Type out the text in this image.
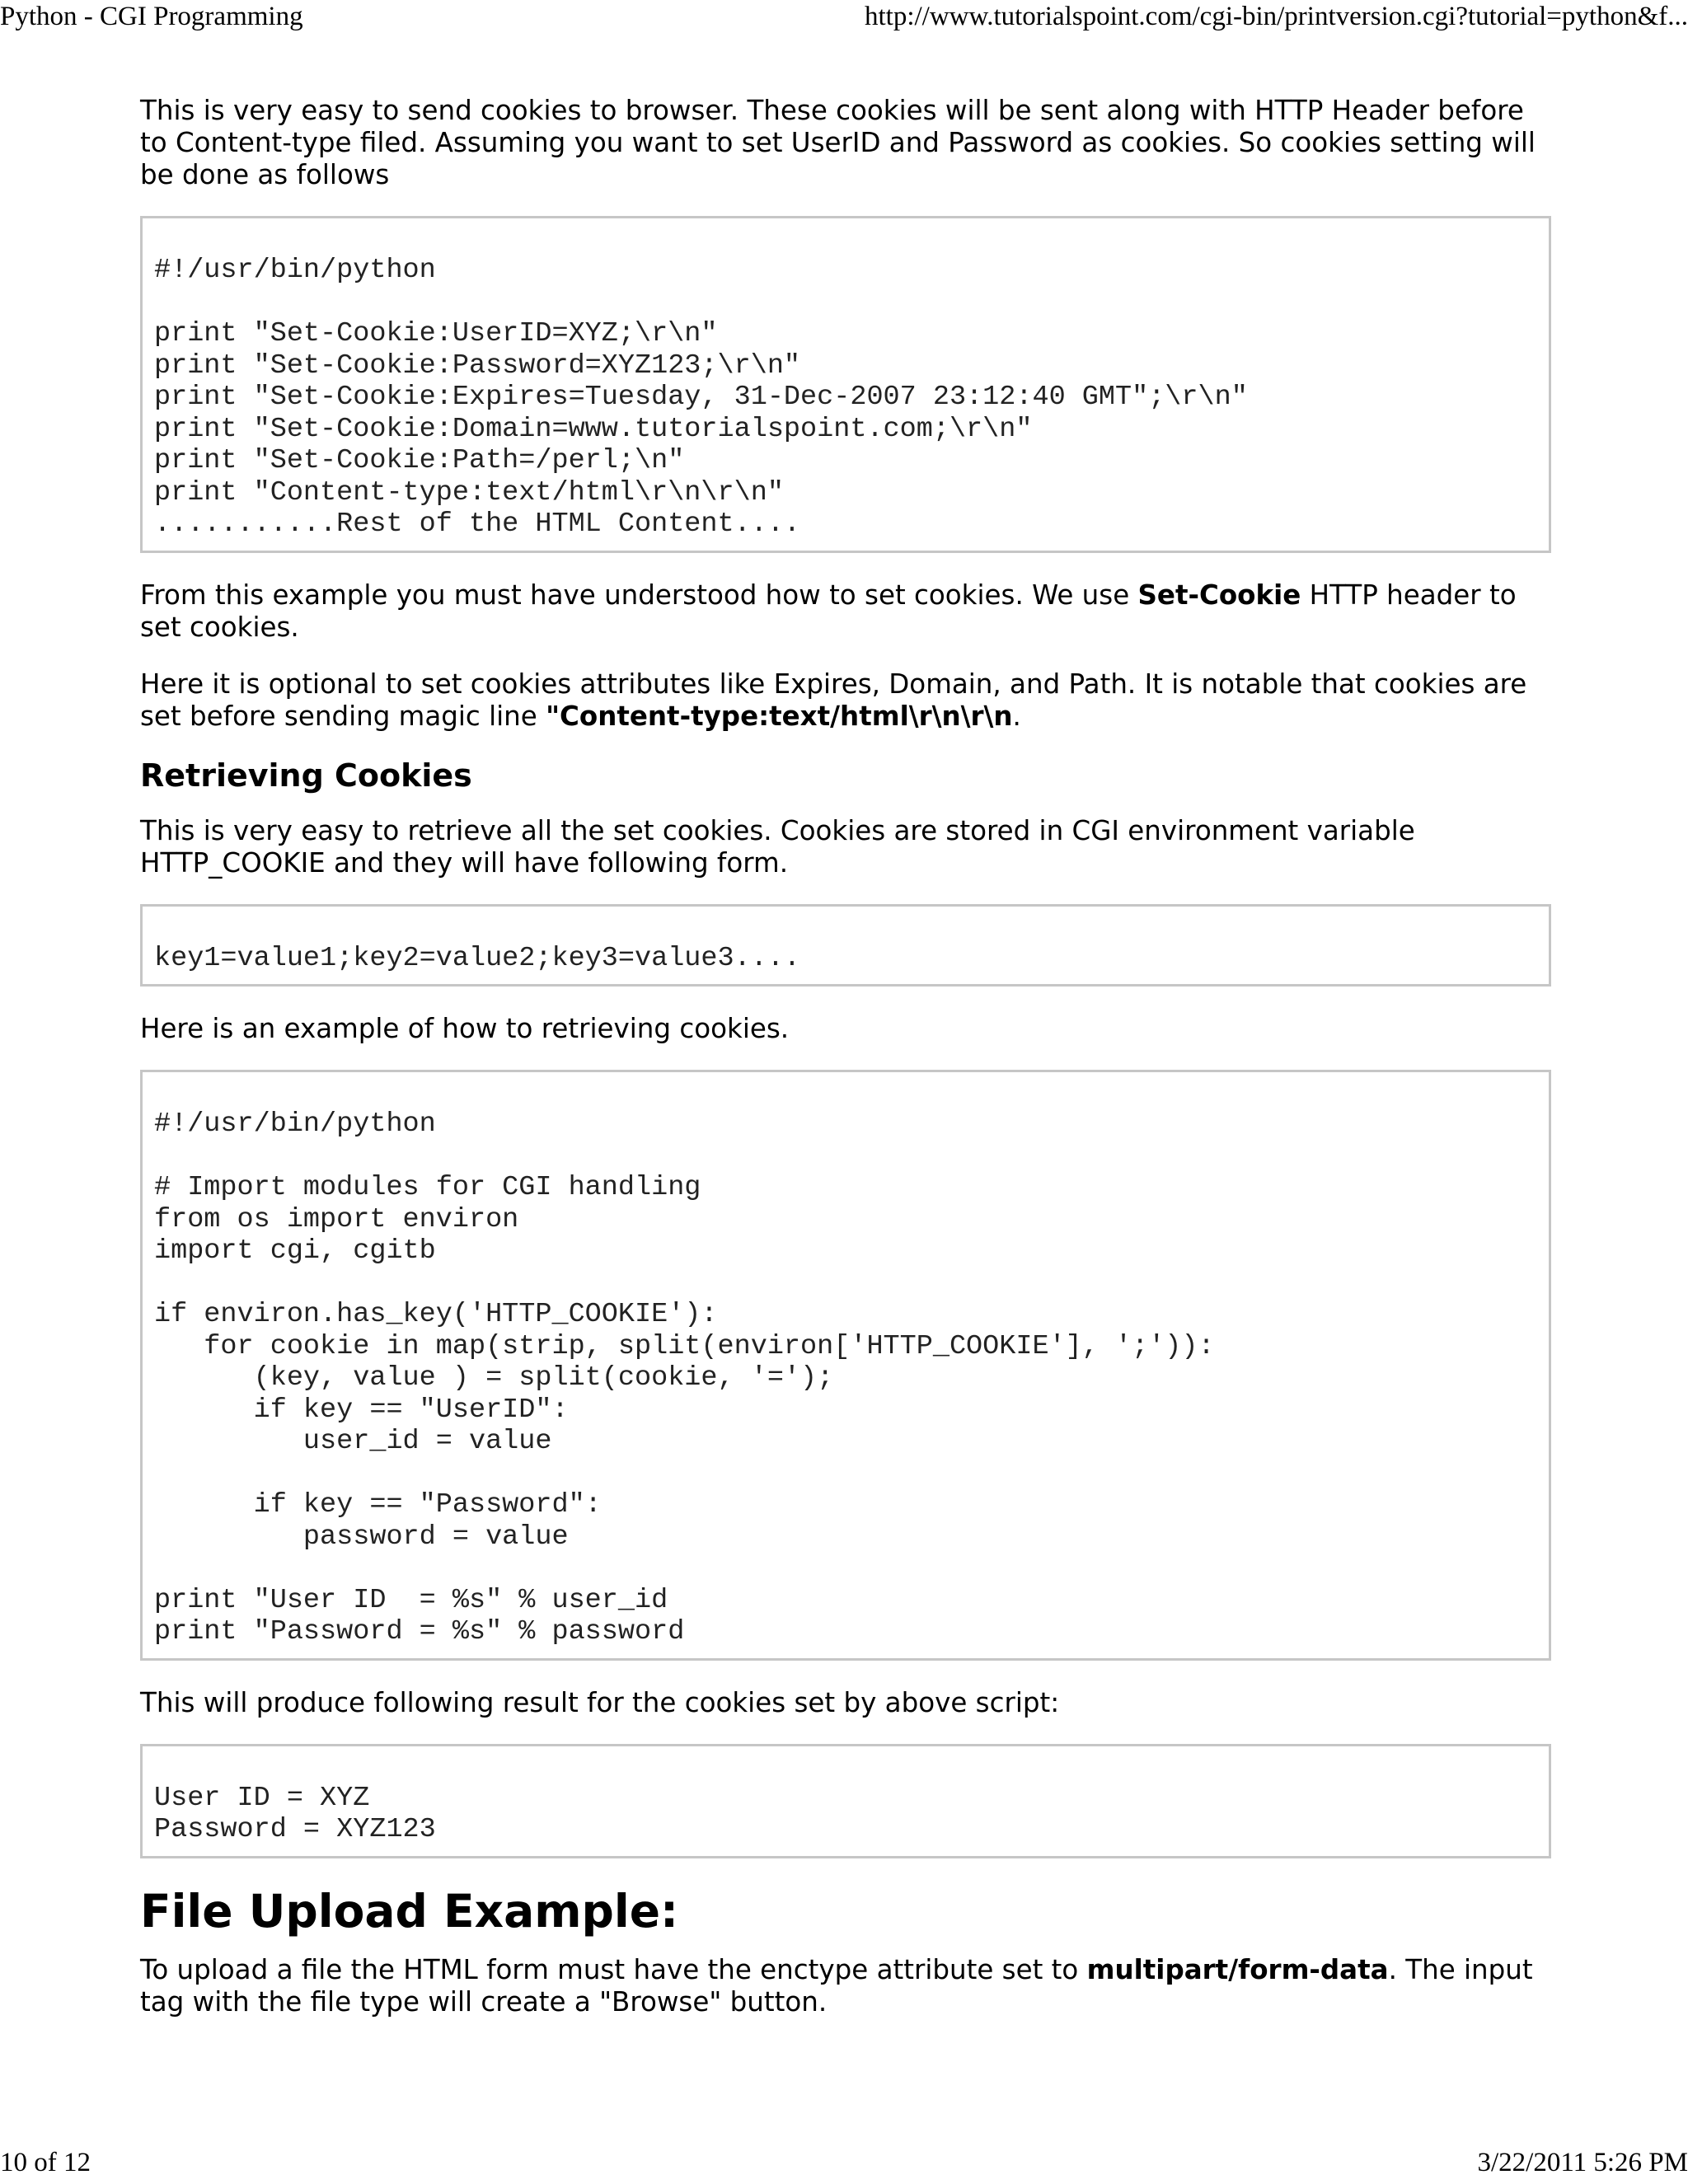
Python - CGI Programming	http://www.tutorialspoint.com/cgi-bin/printversion.cgi?tutorial=python&f...

This is very easy to send cookies to browser. These cookies will be sent along with HTTP Header before to Content-type filed. Assuming you want to set UserID and Password as cookies. So cookies setting will be done as follows

#!/usr/bin/python
print "Set-Cookie:UserID=XYZ;\r\n"
print "Set-Cookie:Password=XYZ123;\r\n"
print "Set-Cookie:Expires=Tuesday, 31-Dec-2007 23:12:40 GMT";\r\n"
print "Set-Cookie:Domain=www.tutorialspoint.com;\r\n"
print "Set-Cookie:Path=/perl;\n"
print "Content-type:text/html\r\n\r\n"
...........Rest of the HTML Content....

From this example you must have understood how to set cookies. We use Set-Cookie HTTP header to set cookies.

Here it is optional to set cookies attributes like Expires, Domain, and Path. It is notable that cookies are set before sending magic line "Content-type:text/html\r\n\r\n.

Retrieving Cookies

This is very easy to retrieve all the set cookies. Cookies are stored in CGI environment variable HTTP_COOKIE and they will have following form.

key1=value1;key2=value2;key3=value3....

Here is an example of how to retrieving cookies.

#!/usr/bin/python
# Import modules for CGI handling
from os import environ
import cgi, cgitb
if environ.has_key('HTTP_COOKIE'):
for cookie in map(strip, split(environ['HTTP_COOKIE'], ';')):
(key, value ) = split(cookie, '=');
if key == "UserID":
user_id = value
if key == "Password":
password = value
print "User ID  = %s" % user_id
print "Password = %s" % password

This will produce following result for the cookies set by above script:

User ID = XYZ
Password = XYZ123
File Upload Example:

To upload a file the HTML form must have the enctype attribute set to multipart/form-data. The input tag with the file type will create a "Browse" button.

10 of 12	3/22/2011 5:26 PM
